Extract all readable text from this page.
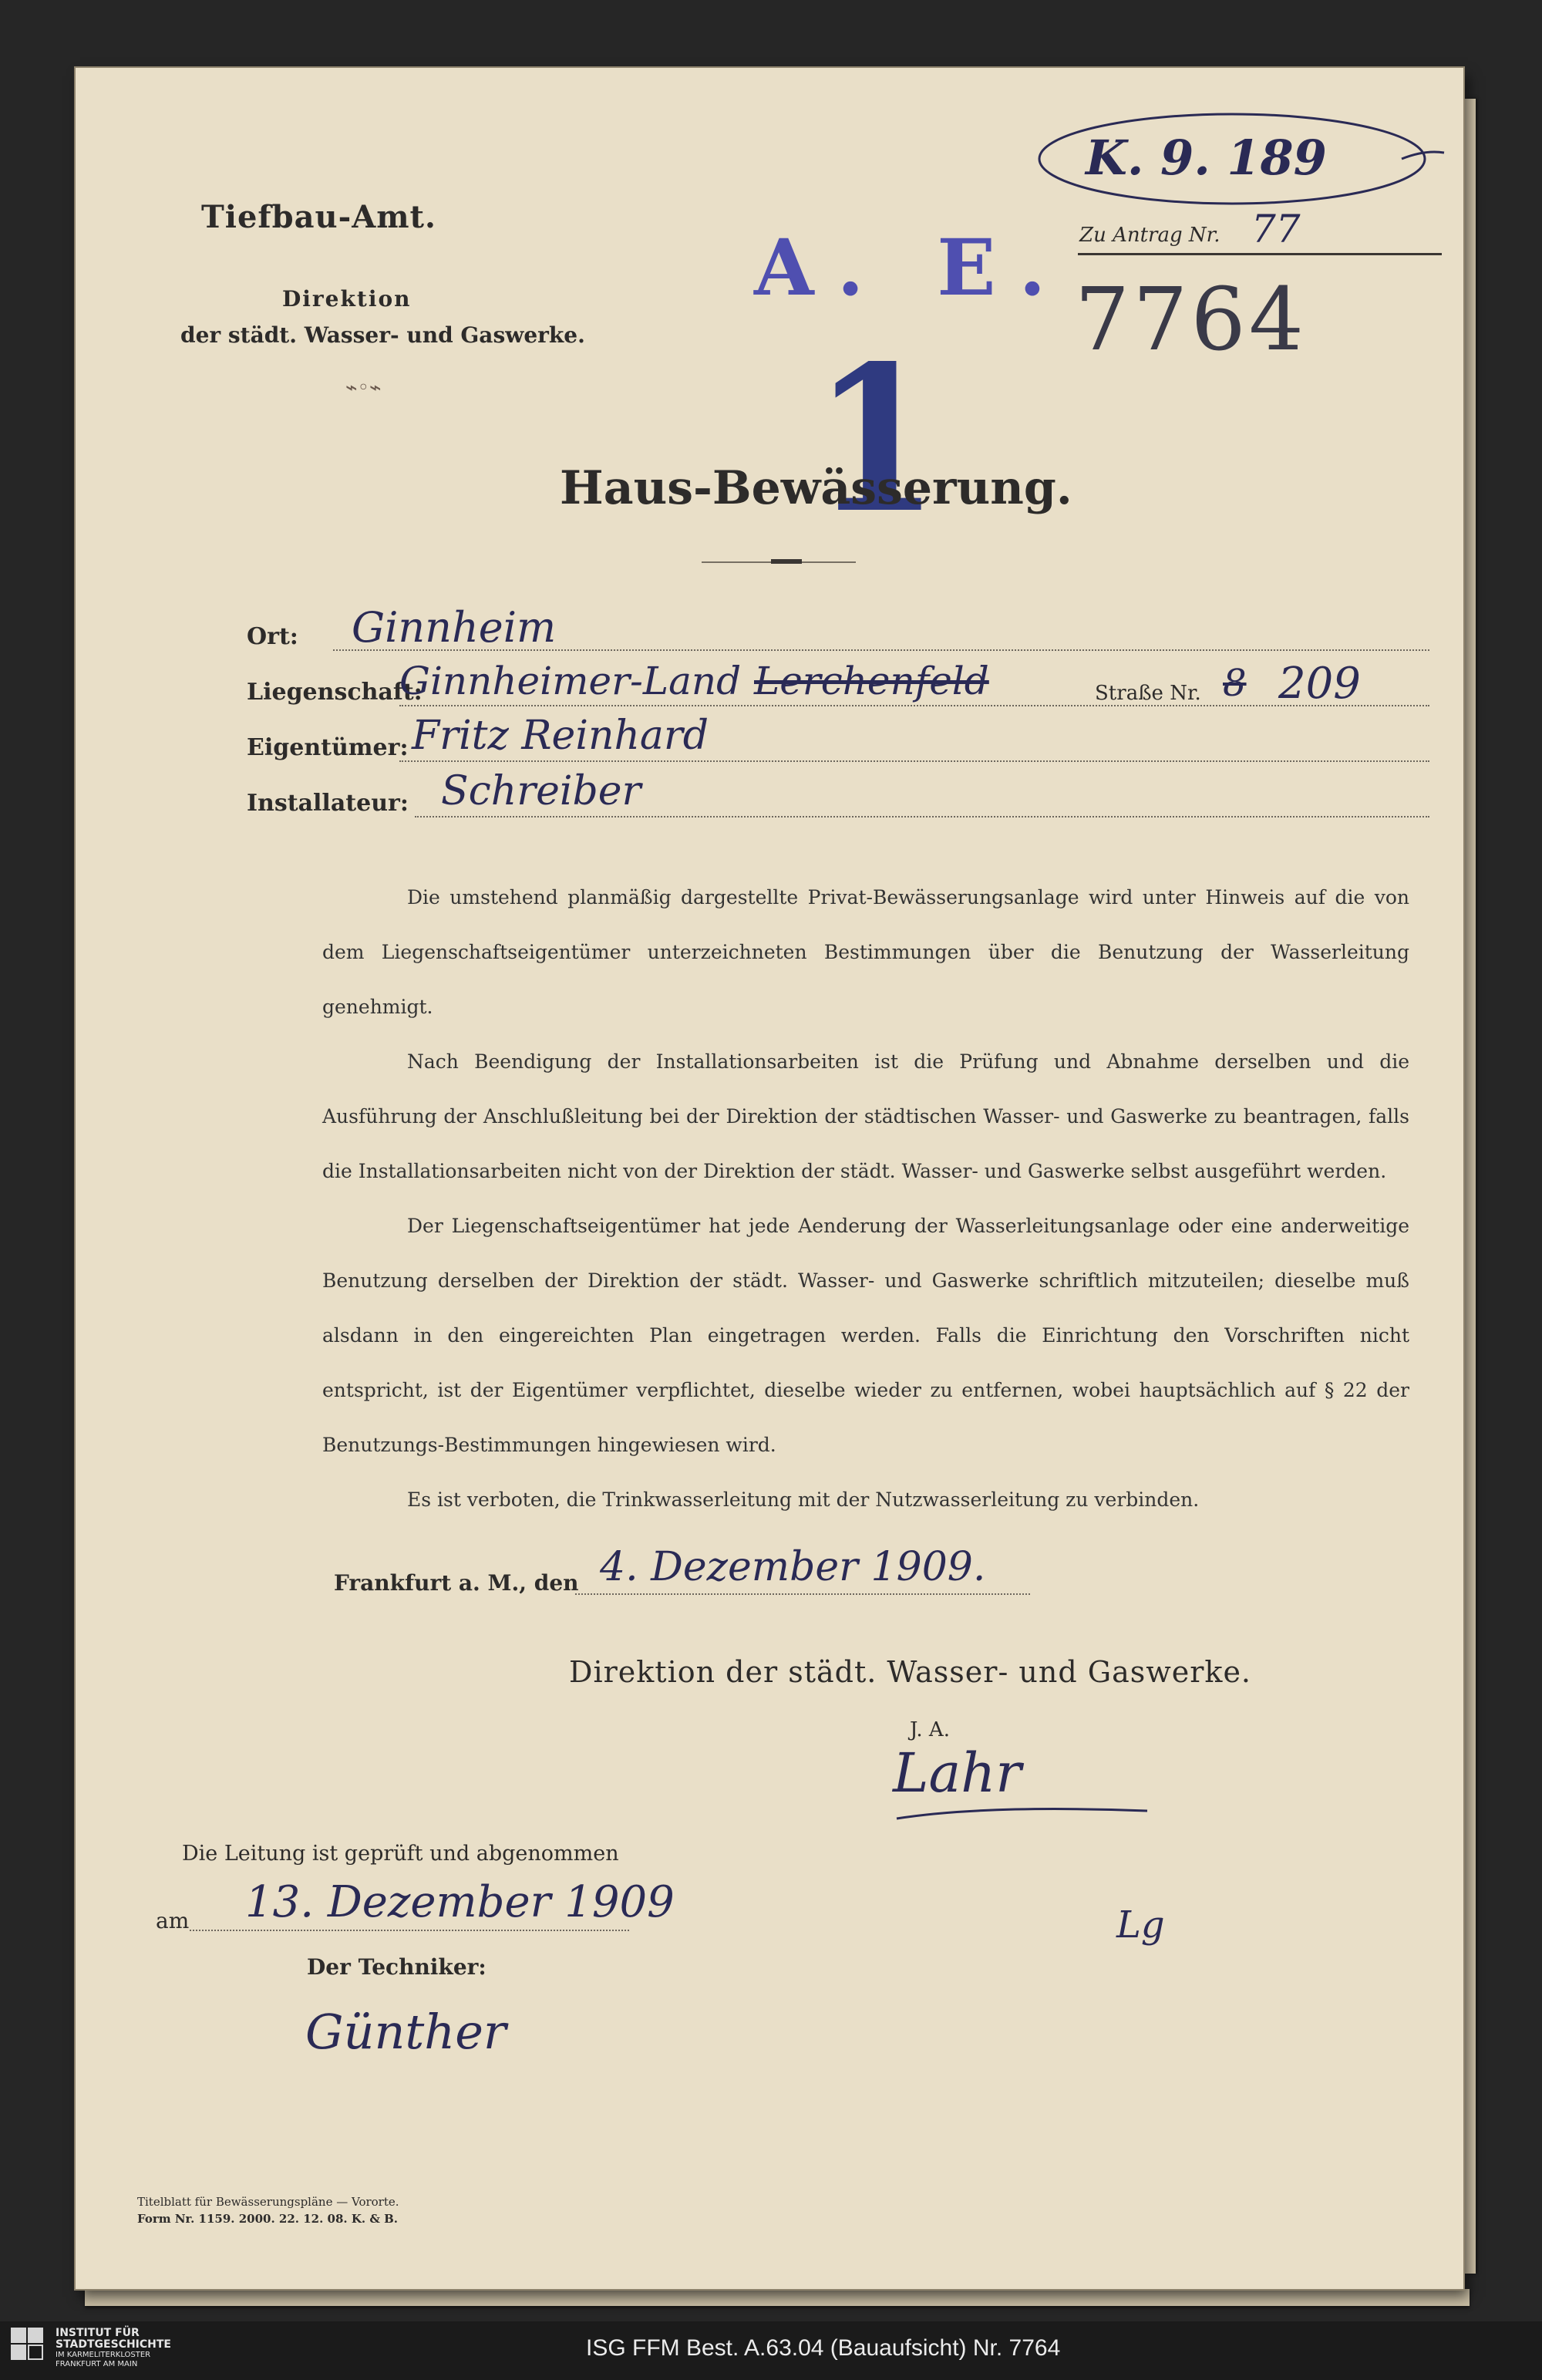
Tiefbau-Amt.
Direktion
der städt. Wasser- und Gaswerke.
⌁◦⌁
A. E.
1
K. 9. 189
Zu Antrag Nr. 77
7764
Haus-Bewässerung.
Ort: Ginnheim
Liegenschaft:
Ginnheimer-Land Lerchenfeld	Straße Nr. 8 209
Eigentümer: Fritz Reinhard
Installateur: Schreiber

Die umstehend planmäßig dargestellte Privat-Bewässerungsanlage wird unter Hinweis auf die von dem Liegenschaftseigentümer unterzeichneten Bestimmungen über die Benutzung der Wasserleitung genehmigt.

Nach Beendigung der Installationsarbeiten ist die Prüfung und Abnahme derselben und die Ausführung der Anschlußleitung bei der Direktion der städtischen Wasser- und Gaswerke zu beantragen, falls die Installationsarbeiten nicht von der Direktion der städt. Wasser- und Gaswerke selbst ausgeführt werden.

Der Liegenschaftseigentümer hat jede Aenderung der Wasserleitungsanlage oder eine anderweitige Benutzung derselben der Direktion der städt. Wasser- und Gaswerke schriftlich mitzuteilen; dieselbe muß alsdann in den eingereichten Plan eingetragen werden. Falls die Einrichtung den Vorschriften nicht entspricht, ist der Eigentümer verpflichtet, dieselbe wieder zu entfernen, wobei hauptsächlich auf § 22 der Benutzungs-Bestimmungen hingewiesen wird.

Es ist verboten, die Trinkwasserleitung mit der Nutzwasserleitung zu verbinden.

Frankfurt a. M., den 4. Dezember 1909.
Direktion der städt. Wasser- und Gaswerke.
J. A.
Lahr
Lg
Die Leitung ist geprüft und abgenommen
am 13. Dezember 1909
Der Techniker:
Günther
Titelblatt für Bewässerungspläne — Vororte.
Form Nr. 1159. 2000. 22. 12. 08. K. & B.
INSTITUT FÜR
STADTGESCHICHTE
IM KARMELITERKLOSTER
FRANKFURT AM MAIN
ISG FFM Best. A.63.04 (Bauaufsicht) Nr. 7764
